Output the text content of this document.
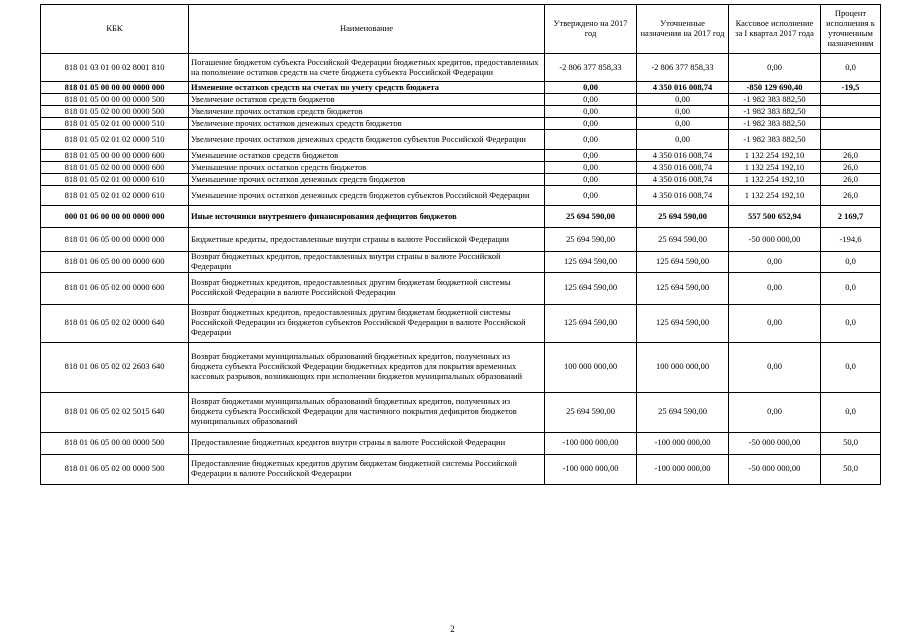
КБК	Наименование	Утверждено на 2017 год	Уточненные назначения на 2017 год	Кассовое исполнение за I квартал 2017 года	Процент исполнения к уточненным назначениям
818 01 03 01 00 02 8001 810	Погашение бюджетом субъекта Российской Федерации бюджетных кредитов, предоставленных на пополнение остатков средств на счете бюджета субъекта Российской Федерации	-2 806 377 858,33	-2 806 377 858,33	0,00	0,0
818 01 05 00 00 00 0000 000	Изменение остатков средств на счетах по учету средств бюджета	0,00	4 350 016 008,74	-850 129 690,40	-19,5
818 01 05 00 00 00 0000 500	Увеличение остатков средств бюджетов	0,00	0,00	-1 982 383 882,50	
818 01 05 02 00 00 0000 500	Увеличение прочих остатков средств бюджетов	0,00	0,00	-1 982 383 882,50	
818 01 05 02 01 00 0000 510	Увеличение прочих остатков денежных средств бюджетов	0,00	0,00	-1 982 383 882,50	
818 01 05 02 01 02 0000 510	Увеличение прочих остатков денежных средств бюджетов субъектов Российской Федерации	0,00	0,00	-1 982 383 882,50	
818 01 05 00 00 00 0000 600	Уменьшение остатков средств бюджетов	0,00	4 350 016 008,74	1 132 254 192,10	26,0
818 01 05 02 00 00 0000 600	Уменьшение прочих остатков средств бюджетов	0,00	4 350 016 008,74	1 132 254 192,10	26,0
818 01 05 02 01 00 0000 610	Уменьшение прочих остатков денежных средств бюджетов	0,00	4 350 016 008,74	1 132 254 192,10	26,0
818 01 05 02 01 02 0000 610	Уменьшение прочих остатков денежных средств бюджетов субъектов Российской Федерации	0,00	4 350 016 008,74	1 132 254 192,10	26,0
000 01 06 00 00 00 0000 000	Иные источники внутреннего финансирования дефицитов бюджетов	25 694 590,00	25 694 590,00	557 500 652,94	2 169,7
818 01 06 05 00 00 0000 000	Бюджетные кредиты, предоставленные внутри страны в валюте Российской Федерации	25 694 590,00	25 694 590,00	-50 000 000,00	-194,6
818 01 06 05 00 00 0000 600	Возврат бюджетных кредитов, предоставленных внутри страны в валюте Российской Федерации	125 694 590,00	125 694 590,00	0,00	0,0
818 01 06 05 02 00 0000 600	Возврат бюджетных кредитов, предоставленных другим бюджетам бюджетной системы Российской Федерации в валюте Российской Федерации	125 694 590,00	125 694 590,00	0,00	0,0
818 01 06 05 02 02 0000 640	Возврат бюджетных кредитов, предоставленных другим бюджетам бюджетной системы Российской Федерации из бюджетов субъектов Российской Федерации в валюте Российской Федерации	125 694 590,00	125 694 590,00	0,00	0,0
818 01 06 05 02 02 2603 640	Возврат бюджетами муниципальных образований бюджетных кредитов, полученных из бюджета субъекта Российской Федерации бюджетных кредитов для покрытия временных кассовых разрывов, возникающих при исполнении бюджетов муниципальных образований	100 000 000,00	100 000 000,00	0,00	0,0
818 01 06 05 02 02 5015 640	Возврат бюджетами муниципальных образований бюджетных кредитов, полученных из бюджета субъекта Российской Федерации для частичного покрытия дефицитов бюджетов муниципальных образований	25 694 590,00	25 694 590,00	0,00	0,0
818 01 06 05 00 00 0000 500	Предоставление бюджетных кредитов внутри страны в валюте Российской Федерации	-100 000 000,00	-100 000 000,00	-50 000 000,00	50,0
818 01 06 05 02 00 0000 500	Предоставление бюджетных кредитов другим бюджетам бюджетной системы Российской Федерации в валюте Российской Федерации	-100 000 000,00	-100 000 000,00	-50 000 000,00	50,0
2
